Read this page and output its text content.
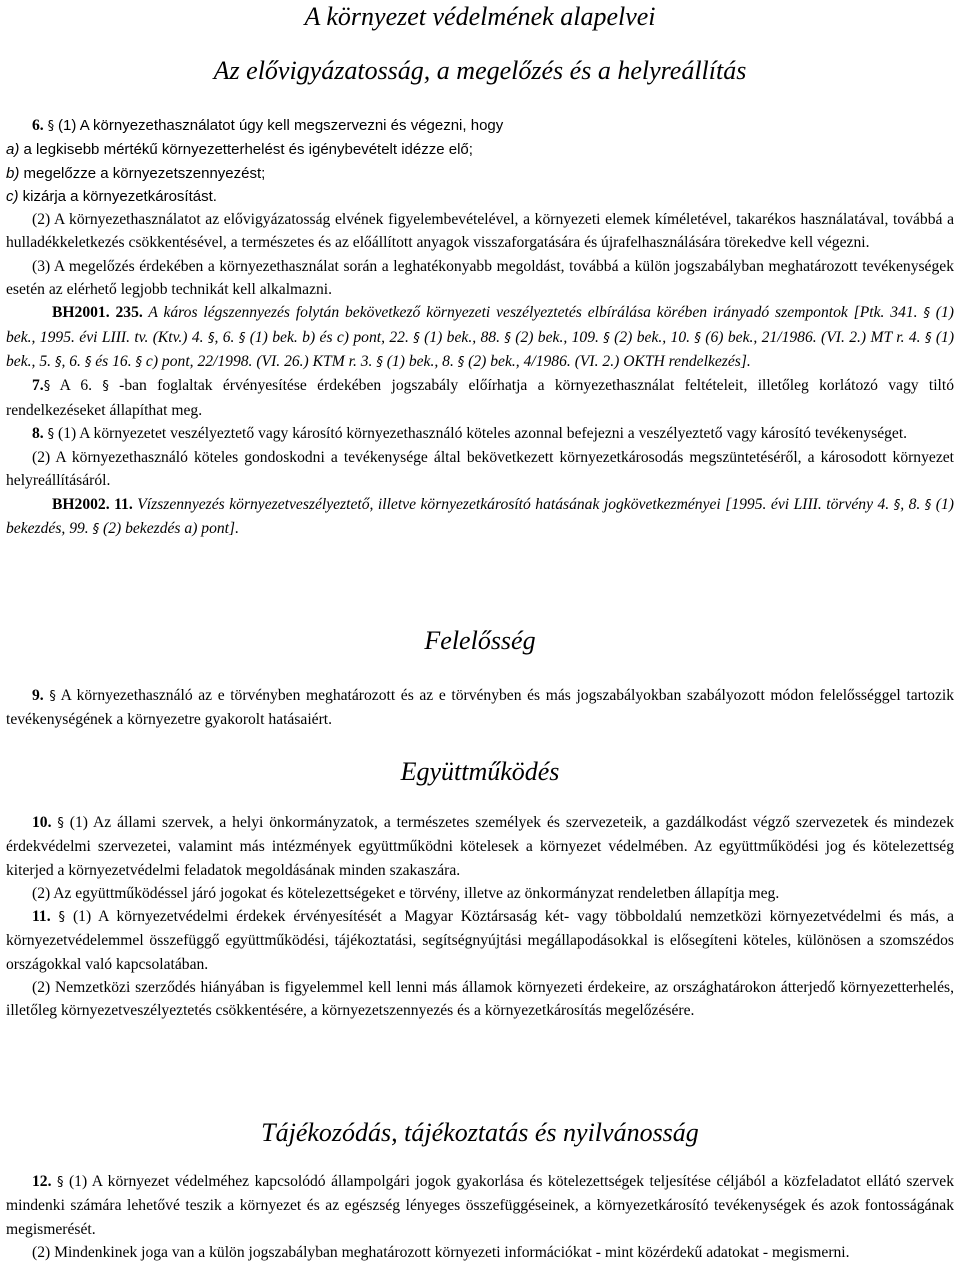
A környezet védelmének alapelvei
Az elővigyázatosság, a megelőzés és a helyreállítás

6. § (1) A környezethasználatot úgy kell megszervezni és végezni, hogy

a) a legkisebb mértékű környezetterhelést és igénybevételt idézze elő;

b) megelőzze a környezetszennyezést;

c) kizárja a környezetkárosítást.

(2) A környezethasználatot az elővigyázatosság elvének figyelembevételével, a környezeti elemek kíméletével, takarékos használatával, továbbá a hulladékkeletkezés csökkentésével, a természetes és az előállított anyagok visszaforgatására és újrafelhasználására törekedve kell végezni.

(3) A megelőzés érdekében a környezethasználat során a leghatékonyabb megoldást, továbbá a külön jogszabályban meghatározott tevékenységek esetén az elérhető legjobb technikát kell alkalmazni.

BH2001. 235. A káros légszennyezés folytán bekövetkező környezeti veszélyeztetés elbírálása körében irányadó szempontok [Ptk. 341. § (1) bek., 1995. évi LIII. tv. (Ktv.) 4. §, 6. § (1) bek. b) és c) pont, 22. § (1) bek., 88. § (2) bek., 109. § (2) bek., 10. § (6) bek., 21/1986. (VI. 2.) MT r. 4. § (1) bek., 5. §, 6. § és 16. § c) pont, 22/1998. (VI. 26.) KTM r. 3. § (1) bek., 8. § (2) bek., 4/1986. (VI. 2.) OKTH rendelkezés].

7.§ A 6. § -ban foglaltak érvényesítése érdekében jogszabály előírhatja a környezethasználat feltételeit, illetőleg korlátozó vagy tiltó rendelkezéseket állapíthat meg.

8. § (1) A környezetet veszélyeztető vagy károsító környezethasználó köteles azonnal befejezni a veszélyeztető vagy károsító tevékenységet.

(2) A környezethasználó köteles gondoskodni a tevékenysége által bekövetkezett környezetkárosodás megszüntetéséről, a károsodott környezet helyreállításáról.

BH2002. 11. Vízszennyezés környezetveszélyeztető, illetve környezetkárosító hatásának jogkövetkezményei [1995. évi LIII. törvény 4. §, 8. § (1) bekezdés, 99. § (2) bekezdés a) pont].

Felelősség

9. § A környezethasználó az e törvényben meghatározott és az e törvényben és más jogszabályokban szabályozott módon felelősséggel tartozik tevékenységének a környezetre gyakorolt hatásaiért.

Együttműködés

10. § (1) Az állami szervek, a helyi önkormányzatok, a természetes személyek és szervezeteik, a gazdálkodást végző szervezetek és mindezek érdekvédelmi szervezetei, valamint más intézmények együttműködni kötelesek a környezet védelmében. Az együttműködési jog és kötelezettség kiterjed a környezetvédelmi feladatok megoldásának minden szakaszára.

(2) Az együttműködéssel járó jogokat és kötelezettségeket e törvény, illetve az önkormányzat rendeletben állapítja meg.

11. § (1) A környezetvédelmi érdekek érvényesítését a Magyar Köztársaság két- vagy többoldalú nemzetközi környezetvédelmi és más, a környezetvédelemmel összefüggő együttműködési, tájékoztatási, segítségnyújtási megállapodásokkal is elősegíteni köteles, különösen a szomszédos országokkal való kapcsolatában.

(2) Nemzetközi szerződés hiányában is figyelemmel kell lenni más államok környezeti érdekeire, az országhatárokon átterjedő környezetterhelés, illetőleg környezetveszélyeztetés csökkentésére, a környezetszennyezés és a környezetkárosítás megelőzésére.

Tájékozódás, tájékoztatás és nyilvánosság

12. § (1) A környezet védelméhez kapcsolódó állampolgári jogok gyakorlása és kötelezettségek teljesítése céljából a közfeladatot ellátó szervek mindenki számára lehetővé teszik a környezet és az egészség lényeges összefüggéseinek, a környezetkárosító tevékenységek és azok fontosságának megismerését.

(2) Mindenkinek joga van a külön jogszabályban meghatározott környezeti információkat - mint közérdekű adatokat - megismerni.
